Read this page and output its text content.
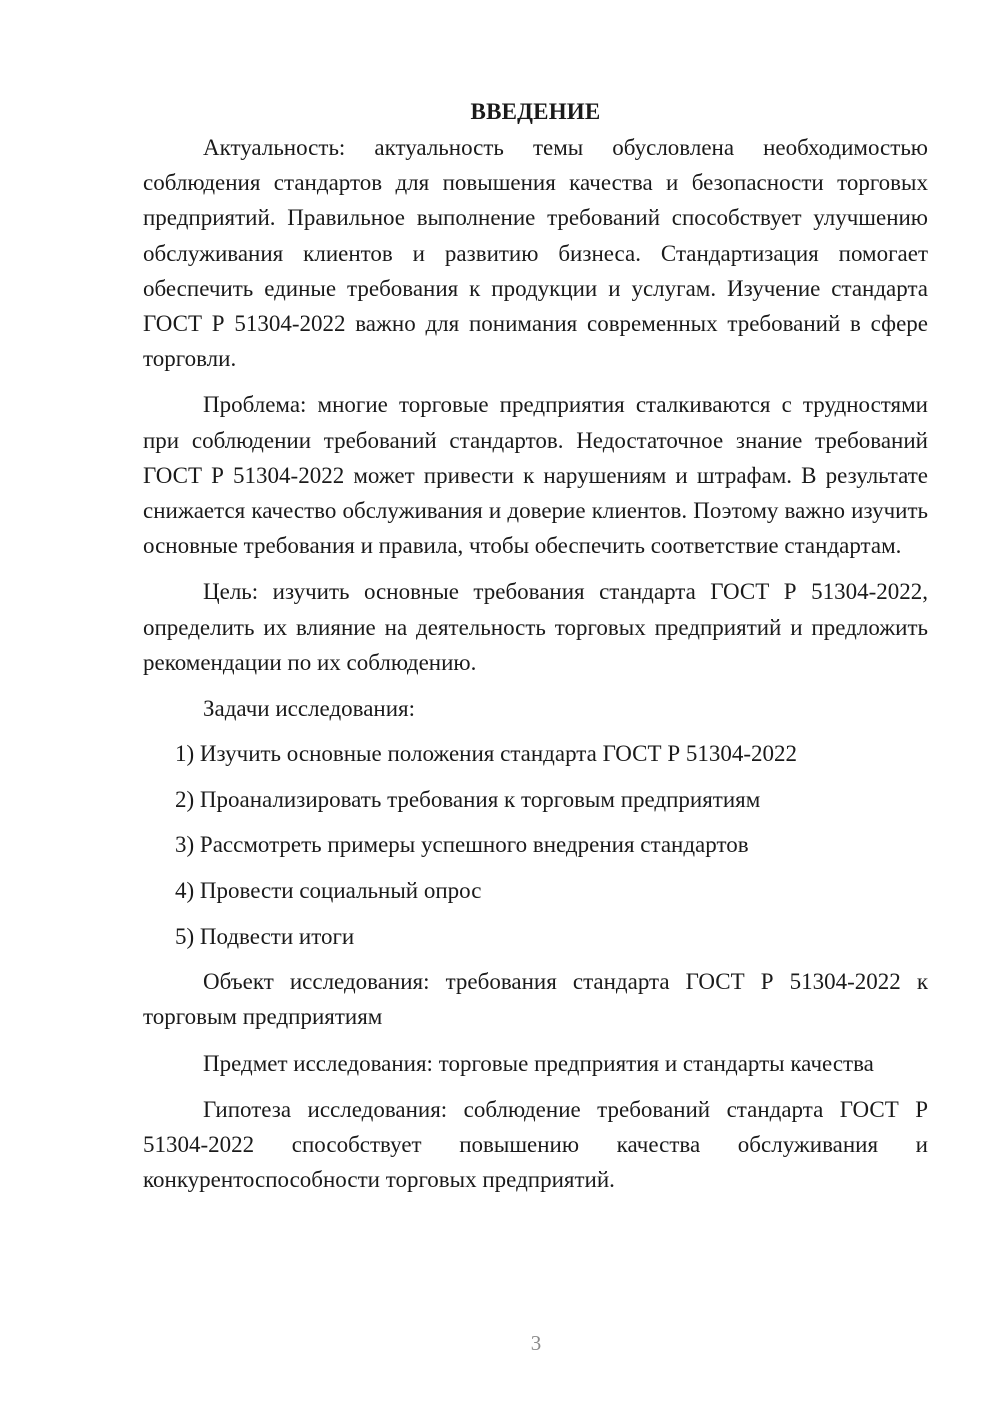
ВВЕДЕНИЕ

Актуальность: актуальность темы обусловлена необходимостью соблюдения стандартов для повышения качества и безопасности торговых предприятий. Правильное выполнение требований способствует улучшению обслуживания клиентов и развитию бизнеса. Стандартизация помогает обеспечить единые требования к продукции и услугам. Изучение стандарта ГОСТ Р 51304-2022 важно для понимания современных требований в сфере торговли.

Проблема: многие торговые предприятия сталкиваются с трудностями при соблюдении требований стандартов. Недостаточное знание требований ГОСТ Р 51304-2022 может привести к нарушениям и штрафам. В результате снижается качество обслуживания и доверие клиентов. Поэтому важно изучить основные требования и правила, чтобы обеспечить соответствие стандартам.

Цель: изучить основные требования стандарта ГОСТ Р 51304-2022, определить их влияние на деятельность торговых предприятий и предложить рекомендации по их соблюдению.

Задачи исследования:
1) Изучить основные положения стандарта ГОСТ Р 51304-2022
2) Проанализировать требования к торговым предприятиям
3) Рассмотреть примеры успешного внедрения стандартов
4) Провести социальный опрос
5) Подвести итоги

Объект исследования: требования стандарта ГОСТ Р 51304-2022 к торговым предприятиям

Предмет исследования: торговые предприятия и стандарты качества

Гипотеза исследования: соблюдение требований стандарта ГОСТ Р 51304-2022 способствует повышению качества обслуживания и конкурентоспособности торговых предприятий.

3
